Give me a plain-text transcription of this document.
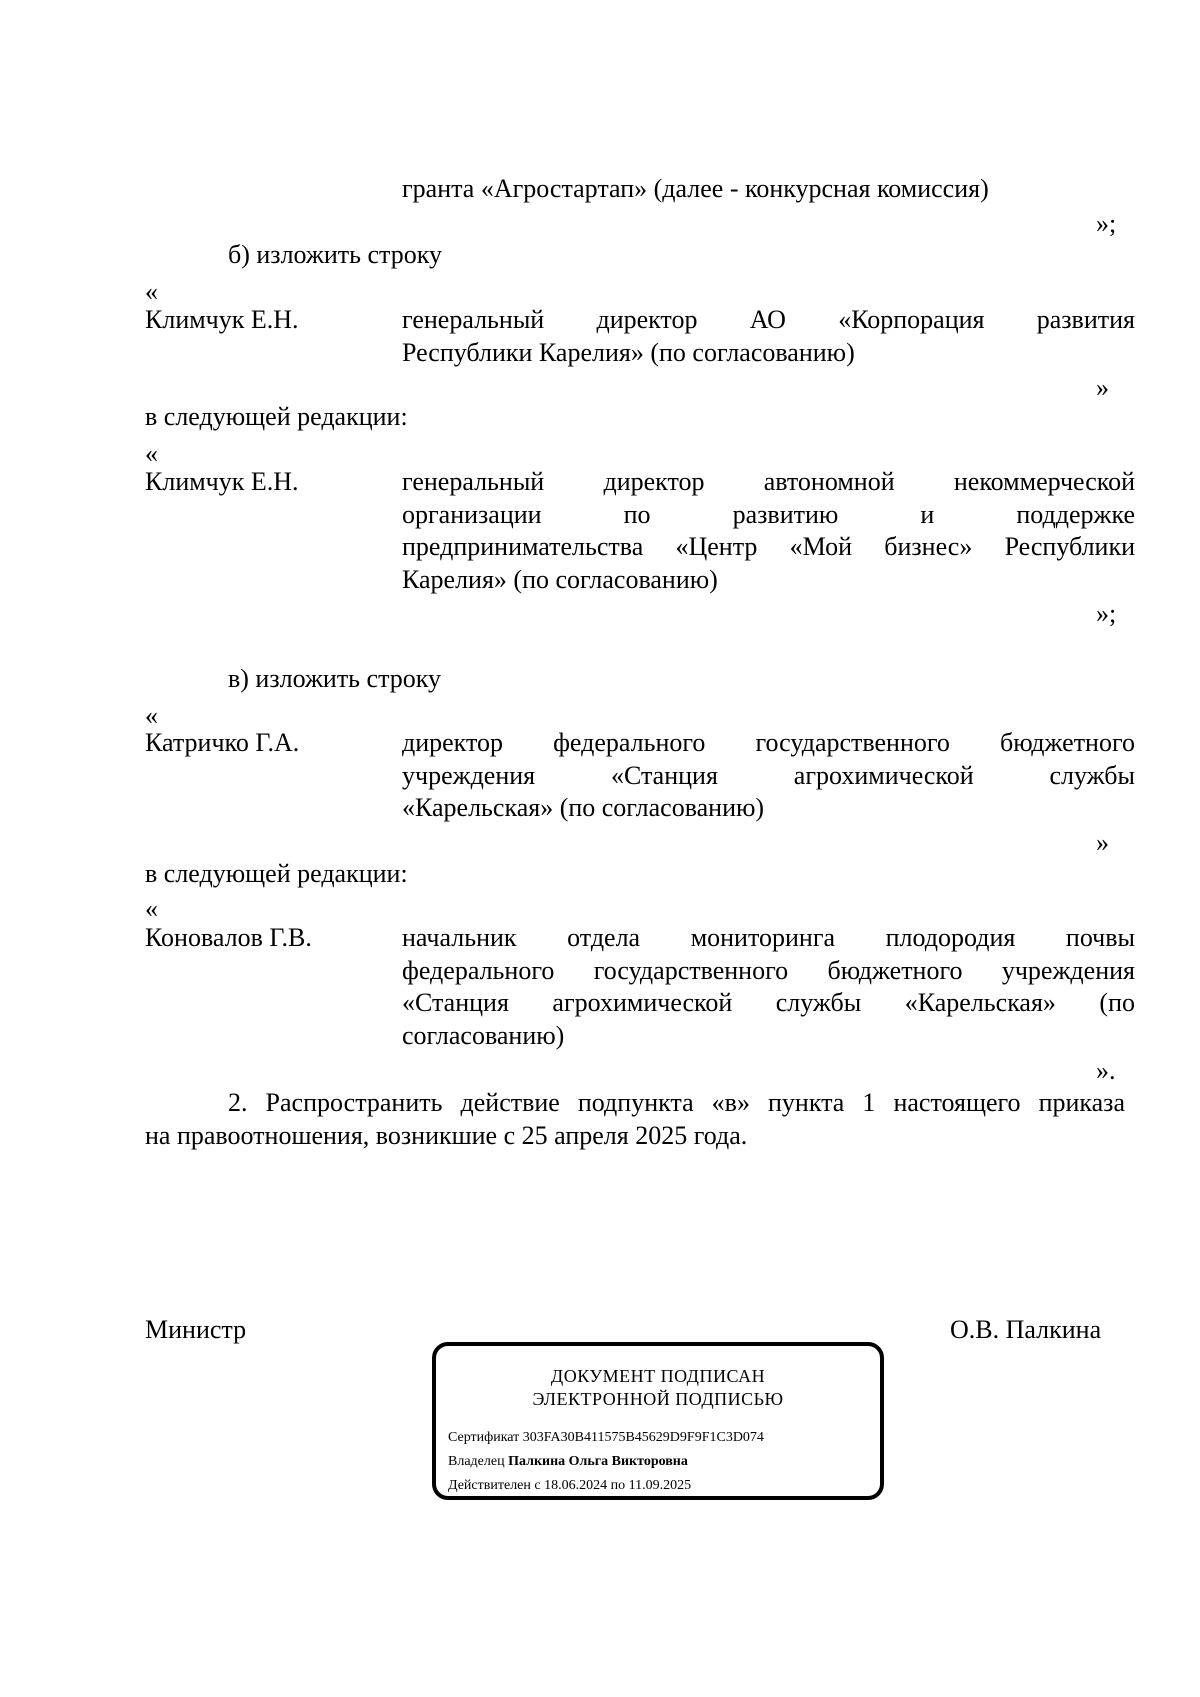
гранта «Агростартап» (далее - конкурсная комиссия)
»;
б) изложить строку
«
Климчук Е.Н.	генеральный директор АО «Корпорация развития
Республики Карелия» (по согласованию)
»
в следующей редакции:
«
Климчук Е.Н.	генеральный директор автономной некоммерческой
организации по развитию и поддержке
предпринимательства «Центр «Мой бизнес» Республики
Карелия» (по согласованию)
»;
в) изложить строку
«
Катричко Г.А.	директор федерального государственного бюджетного
учреждения «Станция агрохимической службы
«Карельская» (по согласованию)
»
в следующей редакции:
«
Коновалов Г.В.	начальник отдела мониторинга плодородия почвы
федерального государственного бюджетного учреждения
«Станция агрохимической службы «Карельская» (по
согласованию)
».
2. Распространить действие подпункта «в» пункта 1 настоящего приказа
на правоотношения, возникшие с 25 апреля 2025 года.
Министр	О.В. Палкина
ДОКУМЕНТ ПОДПИСАН
ЭЛЕКТРОННОЙ ПОДПИСЬЮ
Сертификат 303FA30B411575B45629D9F9F1C3D074
Владелец Палкина Ольга Викторовна
Действителен с 18.06.2024 по 11.09.2025
